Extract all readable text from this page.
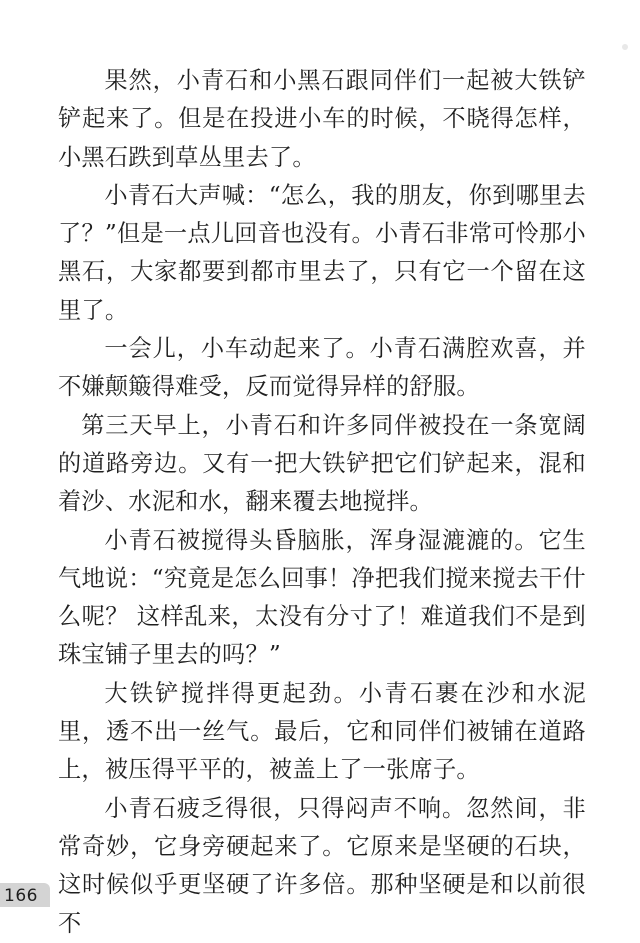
果然，小青石和小黑石跟同伴们一起被大铁铲铲起来了。但是在投进小车的时候，不晓得怎样，小黑石跌到草丛里去了。

小青石大声喊：“怎么，我的朋友，你到哪里去了？”但是一点儿回音也没有。小青石非常可怜那小黑石，大家都要到都市里去了，只有它一个留在这里了。

一会儿，小车动起来了。小青石满腔欢喜，并不嫌颠簸得难受，反而觉得异样的舒服。

第三天早上，小青石和许多同伴被投在一条宽阔的道路旁边。又有一把大铁铲把它们铲起来，混和着沙、水泥和水，翻来覆去地搅拌。

小青石被搅得头昏脑胀，浑身湿漉漉的。它生气地说：“究竟是怎么回事！净把我们搅来搅去干什么呢？ 这样乱来，太没有分寸了！难道我们不是到珠宝铺子里去的吗？”

大铁铲搅拌得更起劲。小青石裹在沙和水泥里，透不出一丝气。最后，它和同伴们被铺在道路上，被压得平平的，被盖上了一张席子。

小青石疲乏得很，只得闷声不响。忽然间，非常奇妙，它身旁硬起来了。它原来是坚硬的石块，这时候似乎更坚硬了许多倍。那种坚硬是和以前很不

166
